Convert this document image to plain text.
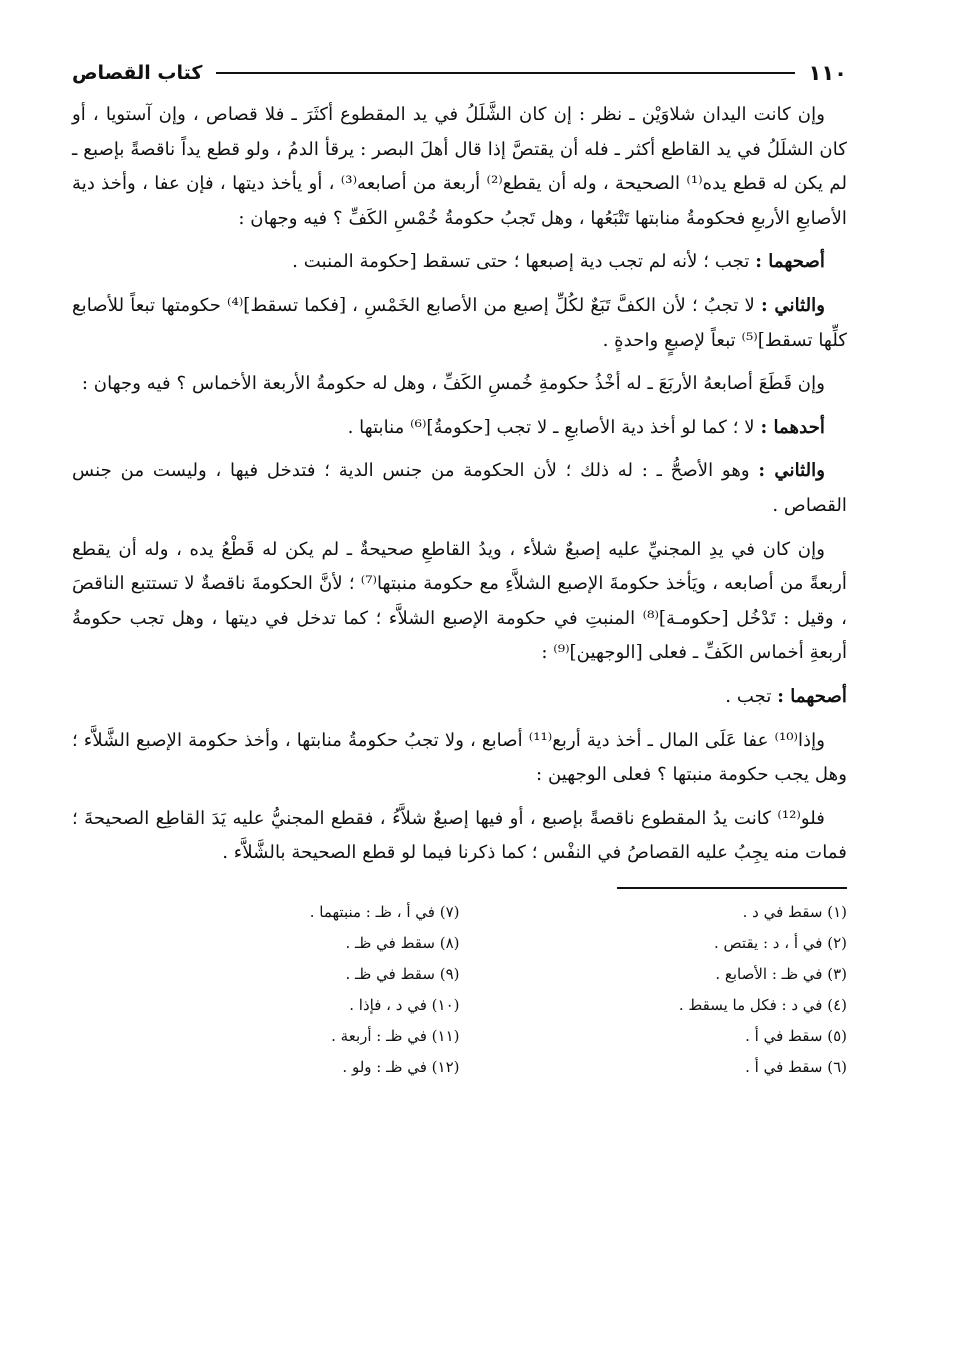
١١٠
كتاب القصاص

وإن كانت اليدان شلاوَيْن ـ نظر : إن كان الشَّلَلُ في يد المقطوع أكثَرَ ـ فلا قصاص ، وإن آستويا ، أو كان الشلَلُ في يد القاطع أكثر ـ فله أن يقتصَّ إذا قال أهلَ البصر : يرقأ الدمُ ، ولو قطع يداً ناقصةً بإصبع ـ لم يكن له قطع يده⁽¹⁾ الصحيحة ، وله أن يقطع⁽²⁾ أربعة من أصابعه⁽³⁾ ، أو يأخذ ديتها ، فإن عفا ، وأخذ دية الأصابعِ الأربعِ فحكومةُ منابتها تَتْبَعُها ، وهل تَجبُ حكومةُ خُمْسِ الكَفِّ ؟ فيه وجهان :

أصحهما : تجب ؛ لأنه لم تجب دية إصبعها ؛ حتى تسقط [حكومة المنبت .

والثاني : لا تجبُ ؛ لأن الكفَّ تَبَعٌ لكُلِّ إصبع من الأصابع الخَمْسِ ، [فكما تسقط]⁽⁴⁾ حكومتها تبعاً للأصابع كلِّها تسقط]⁽⁵⁾ تبعاً لإصبعٍ واحدةٍ .

وإن قَطَعَ أصابعهُ الأربَعَ ـ له أخْذُ حكومةِ خُمسِ الكَفِّ ، وهل له حكومةُ الأربعة الأخماس ؟ فيه وجهان :

أحدهما : لا ؛ كما لو أخذ دية الأصابعِ ـ لا تجب [حكومةُ]⁽⁶⁾ منابتها .

والثاني : وهو الأصحُّ ـ : له ذلك ؛ لأن الحكومة من جنس الدية ؛ فتدخل فيها ، وليست من جنس القصاص .

وإن كان في يدِ المجنيِّ عليه إصبعٌ شلأء ، ويدُ القاطعِ صحيحةٌ ـ لم يكن له قَطْعُ يده ، وله أن يقطع أربعةً من أصابعه ، ويَأخذ حكومةَ الإصبع الشلاَّءِ مع حكومة منبتها⁽⁷⁾ ؛ لأنَّ الحكومةَ ناقصةٌ لا تستتبع الناقصَ ، وقيل : تَدْخُل [حكومـة]⁽⁸⁾ المنبتِ في حكومة الإصبع الشلاَّء ؛ كما تدخل في ديتها ، وهل تجب حكومةُ أربعةِ أخماس الكَفِّ ـ فعلى [الوجهين]⁽⁹⁾ :

أصحهما : تجب .

وإذا⁽¹⁰⁾ عفا عَلَى المال ـ أخذ دية أربع⁽¹¹⁾ أصابع ، ولا تجبُ حكومةُ منابتها ، وأخذ حكومة الإصبع الشَّلاَّء ؛ وهل يجب حكومة منبتها ؟ فعلى الوجهين :

فلو⁽¹²⁾ كانت يدُ المقطوع ناقصةً بإصبع ، أو فيها إصبعٌ شلاَّءُ ، فقطع المجنيُّ عليه يَدَ القاطِع الصحيحةَ ؛ فمات منه يجِبُ عليه القصاصُ في النفْس ؛ كما ذكرنا فيما لو قطع الصحيحة بالشَّلاَّء .

(١) سقط في د .
(٢) في أ ، د : يقتص .
(٣) في ظـ : الأصابع .
(٤) في د : فكل ما يسقط .
(٥) سقط في أ .
(٦) سقط في أ .
(٧) في أ ، ظـ : منبتهما .
(٨) سقط في ظـ .
(٩) سقط في ظـ .
(١٠) في د ، فإذا .
(١١) في ظـ : أربعة .
(١٢) في ظـ : ولو .
